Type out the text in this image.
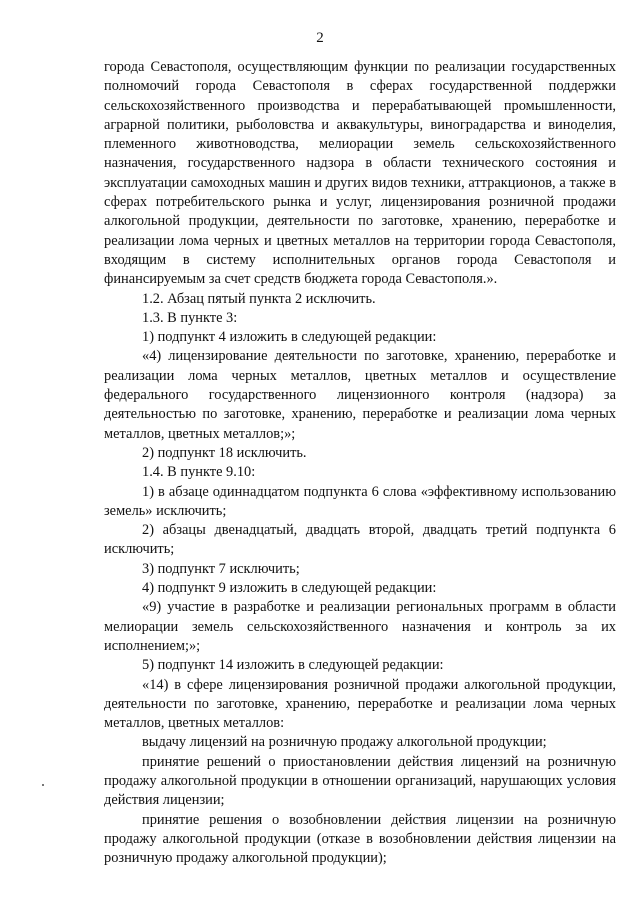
2

города Севастополя, осуществляющим функции по реализации государственных полномочий города Севастополя в сферах государственной поддержки сельскохозяйственного производства и перерабатывающей промышленности, аграрной политики, рыболовства и аквакультуры, виноградарства и виноделия, племенного животноводства, мелиорации земель сельскохозяйственного назначения, государственного надзора в области технического состояния и эксплуатации самоходных машин и других видов техники, аттракционов, а также в сферах потребительского рынка и услуг, лицензирования розничной продажи алкогольной продукции, деятельности по заготовке, хранению, переработке и реализации лома черных и цветных металлов на территории города Севастополя, входящим в систему исполнительных органов города Севастополя и финансируемым за счет средств бюджета города Севастополя.».

1.2. Абзац пятый пункта 2 исключить.

1.3. В пункте 3:

1) подпункт 4 изложить в следующей редакции:

«4) лицензирование деятельности по заготовке, хранению, переработке и реализации лома черных металлов, цветных металлов и осуществление федерального государственного лицензионного контроля (надзора) за деятельностью по заготовке, хранению, переработке и реализации лома черных металлов, цветных металлов;»;

2) подпункт 18 исключить.

1.4. В пункте 9.10:

1) в абзаце одиннадцатом подпункта 6 слова «эффективному использованию земель» исключить;

2) абзацы двенадцатый, двадцать второй, двадцать третий подпункта 6 исключить;

3) подпункт 7 исключить;

4) подпункт 9 изложить в следующей редакции:

«9) участие в разработке и реализации региональных программ в области мелиорации земель сельскохозяйственного назначения и контроль за их исполнением;»;

5) подпункт 14 изложить в следующей редакции:

«14) в сфере лицензирования розничной продажи алкогольной продукции, деятельности по заготовке, хранению, переработке и реализации лома черных металлов, цветных металлов:

выдачу лицензий на розничную продажу алкогольной продукции;

принятие решений о приостановлении действия лицензий на розничную продажу алкогольной продукции в отношении организаций, нарушающих условия действия лицензии;

принятие решения о возобновлении действия лицензии на розничную продажу алкогольной продукции (отказе в возобновлении действия лицензии на розничную продажу алкогольной продукции);
